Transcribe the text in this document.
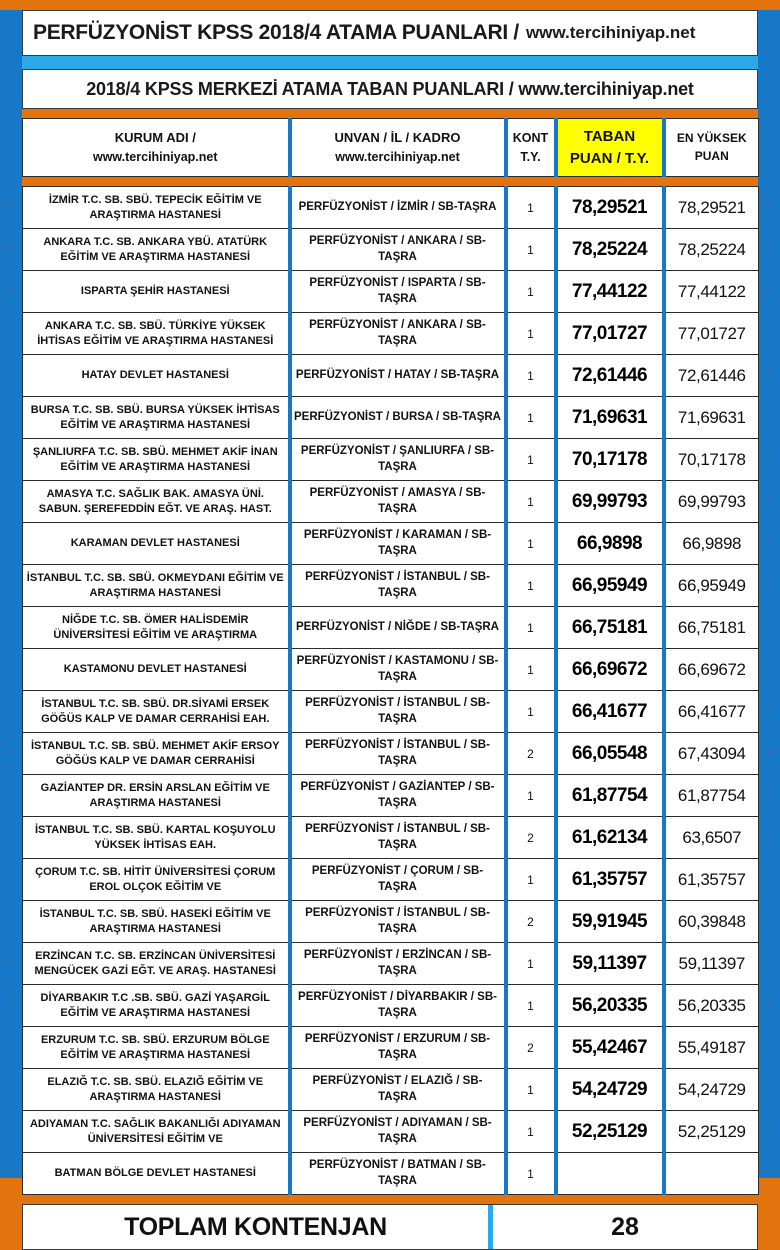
w
w
w
.
t
e
r
c
i
h
i
n
i
y
a
p
.
n
e
t
T
Y
TY
w
w
w
.
t
e
r
c
i
h
i
n
i
y
a
p
.
n
e
t
T
Y
TY
PERFÜZYONİST KPSS 2018/4 ATAMA PUANLARI / www.tercihiniyap.net
2018/4 KPSS MERKEZİ ATAMA TABAN PUANLARI / www.tercihiniyap.net
KURUM ADI /
www.tercihiniyap.net

UNVAN / İL / KADRO
www.tercihiniyap.net

KONT
T.Y.

TABAN
PUAN / T.Y.

EN YÜKSEK
PUAN
İZMİR T.C. SB. SBÜ. TEPECİK EĞİTİM VE ARAŞTIRMA HASTANESİ	PERFÜZYONİST / İZMİR / SB-TAŞRA	1	78,29521	78,29521
ANKARA T.C. SB. ANKARA YBÜ. ATATÜRK EĞİTİM VE ARAŞTIRMA HASTANESİ	PERFÜZYONİST / ANKARA / SB-TAŞRA	1	78,25224	78,25224
ISPARTA ŞEHİR HASTANESİ	PERFÜZYONİST / ISPARTA / SB-TAŞRA	1	77,44122	77,44122
ANKARA T.C. SB. SBÜ. TÜRKİYE YÜKSEK İHTİSAS EĞİTİM VE ARAŞTIRMA HASTANESİ	PERFÜZYONİST / ANKARA / SB-TAŞRA	1	77,01727	77,01727
HATAY DEVLET HASTANESİ	PERFÜZYONİST / HATAY / SB-TAŞRA	1	72,61446	72,61446
BURSA T.C. SB. SBÜ. BURSA YÜKSEK İHTİSAS EĞİTİM VE ARAŞTIRMA HASTANESİ	PERFÜZYONİST / BURSA / SB-TAŞRA	1	71,69631	71,69631
ŞANLIURFA T.C. SB. SBÜ. MEHMET AKİF İNAN EĞİTİM VE ARAŞTIRMA HASTANESİ	PERFÜZYONİST / ŞANLIURFA / SB-TAŞRA	1	70,17178	70,17178
AMASYA T.C. SAĞLIK BAK. AMASYA ÜNİ. SABUN. ŞEREFEDDİN EĞT. VE ARAŞ. HAST.	PERFÜZYONİST / AMASYA / SB-TAŞRA	1	69,99793	69,99793
KARAMAN DEVLET HASTANESİ	PERFÜZYONİST / KARAMAN / SB-TAŞRA	1	66,9898	66,9898
İSTANBUL T.C. SB. SBÜ. OKMEYDANI EĞİTİM VE ARAŞTIRMA HASTANESİ	PERFÜZYONİST / İSTANBUL / SB-TAŞRA	1	66,95949	66,95949
NİĞDE T.C. SB. ÖMER HALİSDEMİR ÜNİVERSİTESİ EĞİTİM VE ARAŞTIRMA	PERFÜZYONİST / NİĞDE / SB-TAŞRA	1	66,75181	66,75181
KASTAMONU DEVLET HASTANESİ	PERFÜZYONİST / KASTAMONU / SB-TAŞRA	1	66,69672	66,69672
İSTANBUL T.C. SB. SBÜ. DR.SİYAMİ ERSEK GÖĞÜS KALP VE DAMAR CERRAHİSİ EAH.	PERFÜZYONİST / İSTANBUL / SB-TAŞRA	1	66,41677	66,41677
İSTANBUL T.C. SB. SBÜ. MEHMET AKİF ERSOY GÖĞÜS KALP VE DAMAR CERRAHİSİ	PERFÜZYONİST / İSTANBUL / SB-TAŞRA	2	66,05548	67,43094
GAZİANTEP DR. ERSİN ARSLAN EĞİTİM VE ARAŞTIRMA HASTANESİ	PERFÜZYONİST / GAZİANTEP / SB-TAŞRA	1	61,87754	61,87754
İSTANBUL T.C. SB. SBÜ. KARTAL KOŞUYOLU YÜKSEK İHTİSAS EAH.	PERFÜZYONİST / İSTANBUL / SB-TAŞRA	2	61,62134	63,6507
ÇORUM T.C. SB. HİTİT ÜNİVERSİTESİ ÇORUM EROL OLÇOK EĞİTİM VE	PERFÜZYONİST / ÇORUM / SB-TAŞRA	1	61,35757	61,35757
İSTANBUL T.C. SB. SBÜ. HASEKİ EĞİTİM VE ARAŞTIRMA HASTANESİ	PERFÜZYONİST / İSTANBUL / SB-TAŞRA	2	59,91945	60,39848
ERZİNCAN T.C. SB. ERZİNCAN ÜNİVERSİTESİ MENGÜCEK GAZİ EĞT. VE ARAŞ. HASTANESİ	PERFÜZYONİST / ERZİNCAN / SB-TAŞRA	1	59,11397	59,11397
DİYARBAKIR T.C .SB. SBÜ. GAZİ YAŞARGİL EĞİTİM VE ARAŞTIRMA HASTANESİ	PERFÜZYONİST / DİYARBAKIR / SB-TAŞRA	1	56,20335	56,20335
ERZURUM T.C. SB. SBÜ. ERZURUM BÖLGE EĞİTİM VE ARAŞTIRMA HASTANESİ	PERFÜZYONİST / ERZURUM / SB-TAŞRA	2	55,42467	55,49187
ELAZIĞ T.C. SB. SBÜ. ELAZIĞ EĞİTİM VE ARAŞTIRMA HASTANESİ	PERFÜZYONİST / ELAZIĞ / SB-TAŞRA	1	54,24729	54,24729
ADIYAMAN T.C. SAĞLIK BAKANLIĞI ADIYAMAN ÜNİVERSİTESİ EĞİTİM VE	PERFÜZYONİST / ADIYAMAN / SB-TAŞRA	1	52,25129	52,25129
BATMAN BÖLGE DEVLET HASTANESİ	PERFÜZYONİST / BATMAN / SB-TAŞRA	1		
TOPLAM KONTENJAN	28
